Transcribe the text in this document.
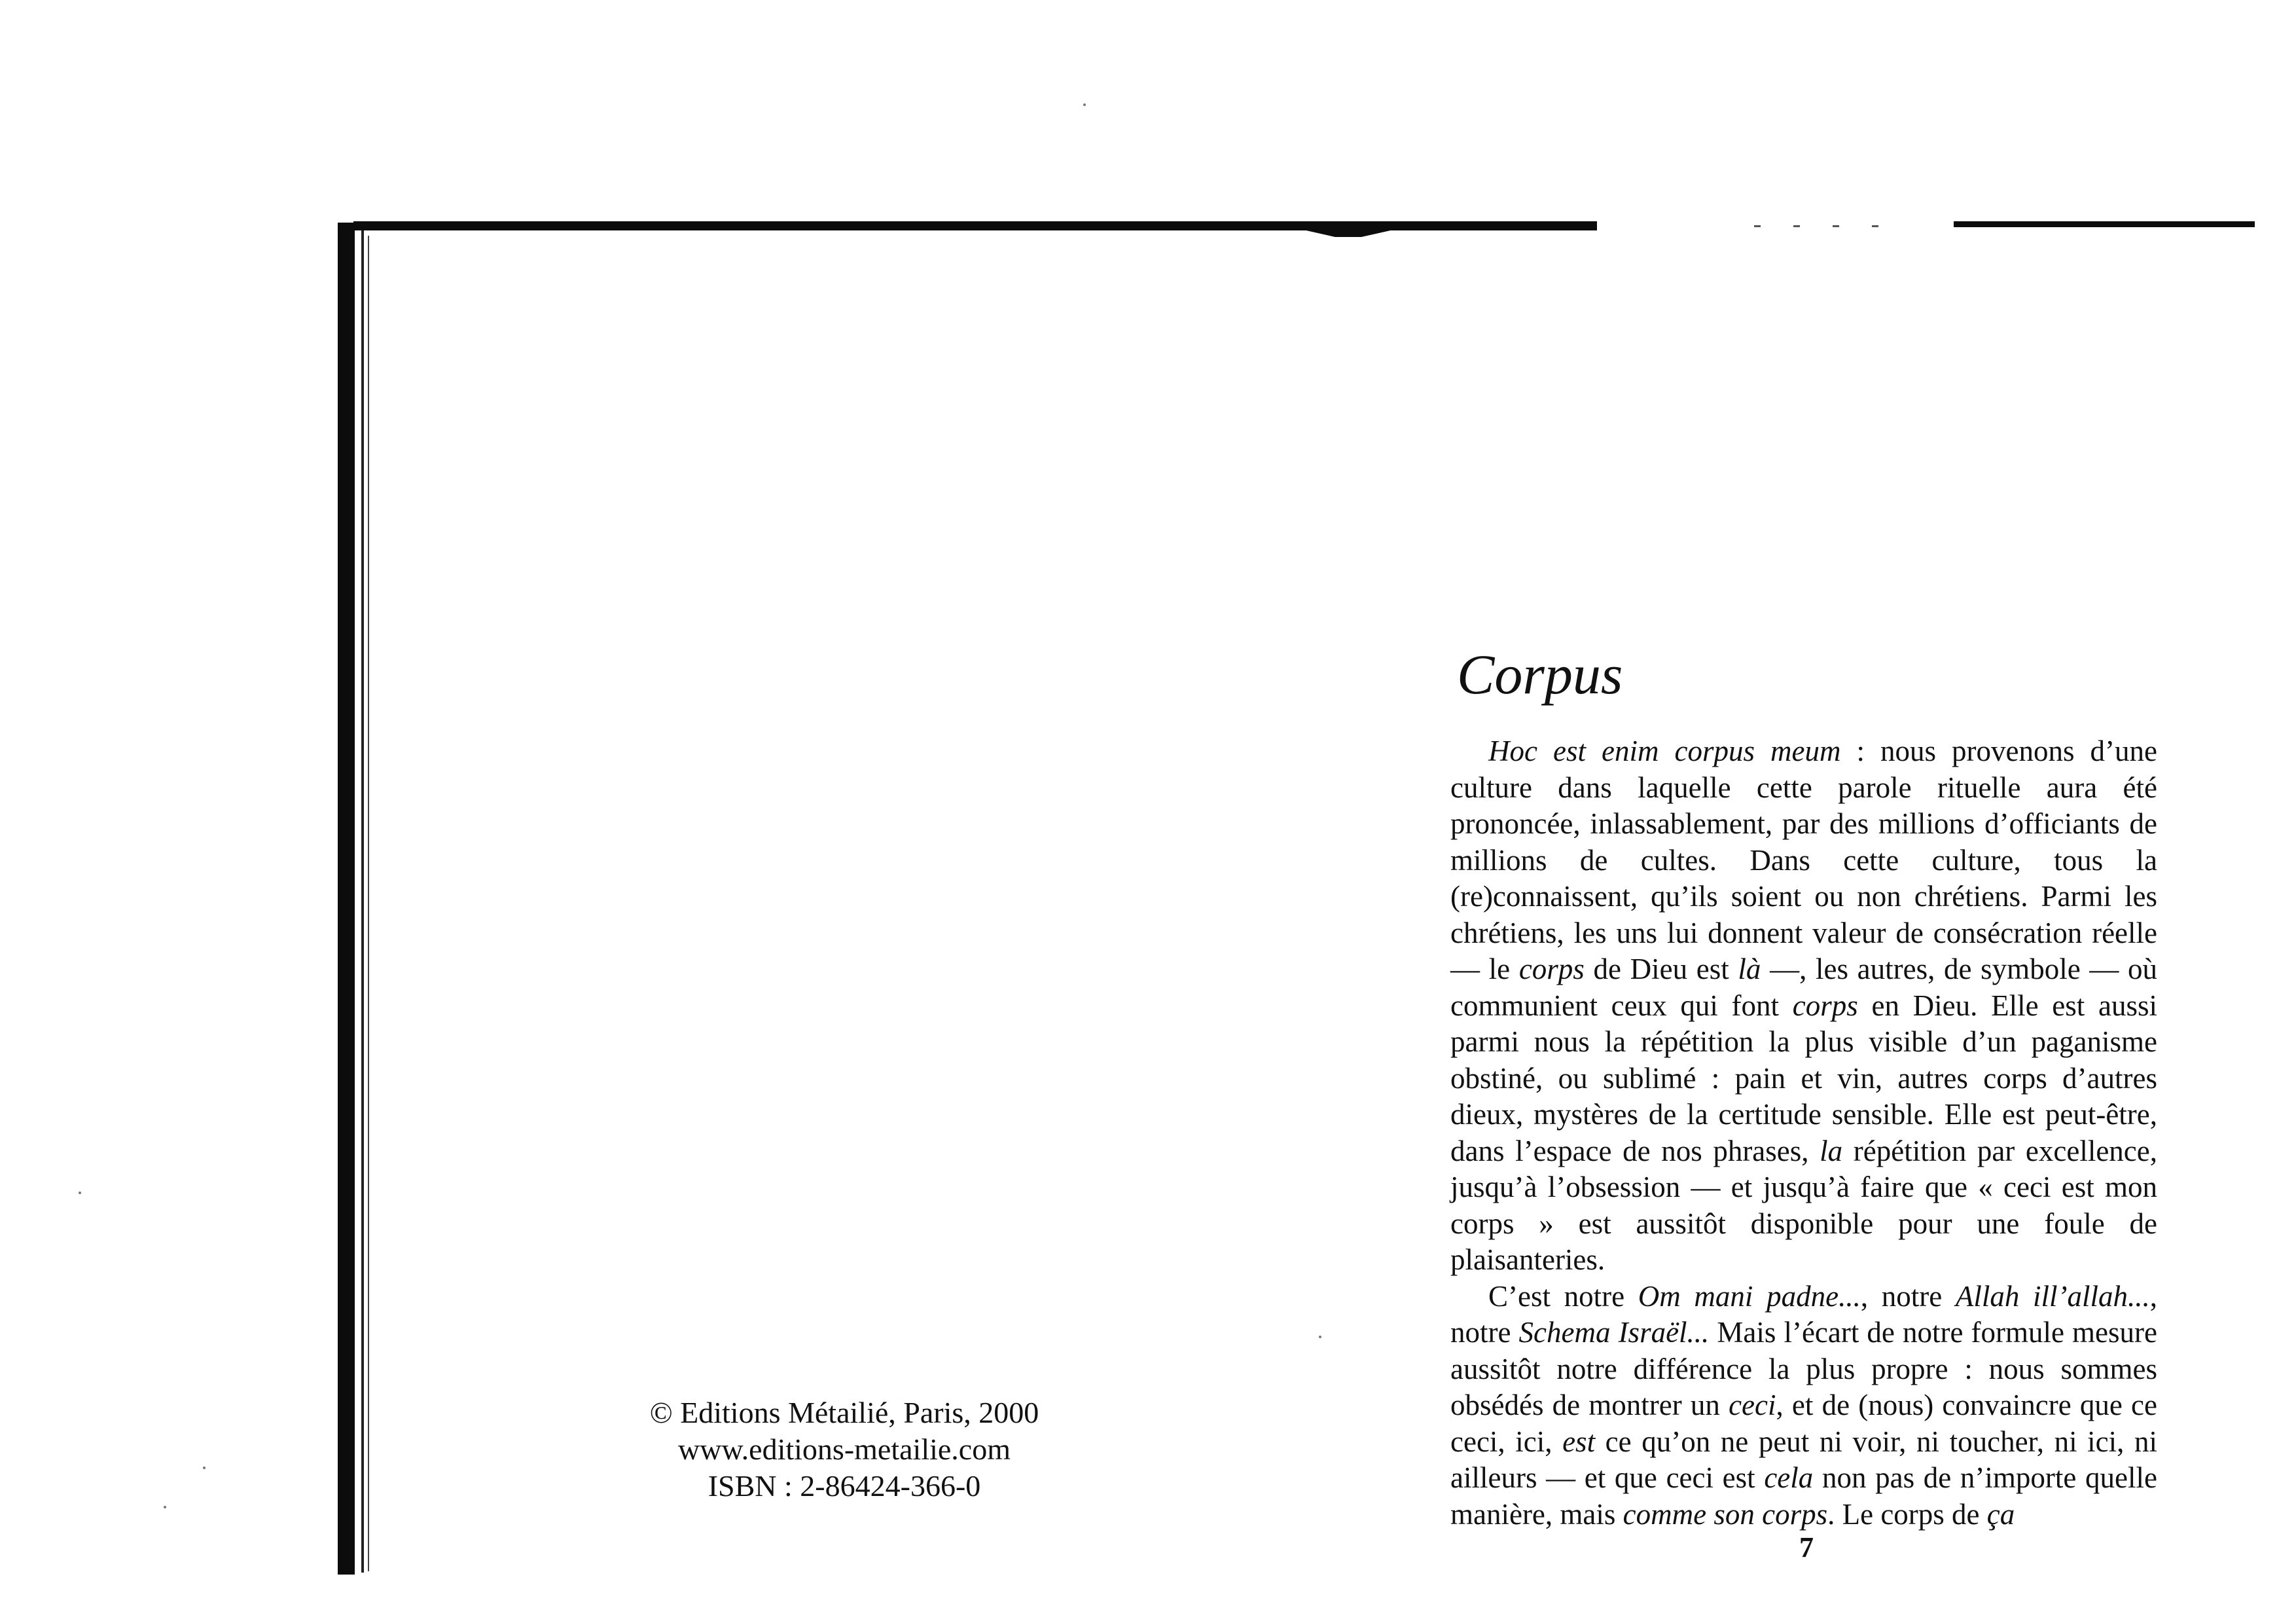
© Editions Métailié, Paris, 2000
www.editions-metailie.com
ISBN : 2-86424-366-0
Corpus

Hoc est enim corpus meum : nous provenons d’une culture dans laquelle cette parole rituelle aura été prononcée, inlassablement, par des millions d’officiants de millions de cultes. Dans cette culture, tous la (re)connaissent, qu’ils soient ou non chrétiens. Parmi les chrétiens, les uns lui donnent valeur de consécration réelle — le corps de Dieu est là —, les autres, de symbole — où communient ceux qui font corps en Dieu. Elle est aussi parmi nous la répétition la plus visible d’un paganisme obstiné, ou sublimé : pain et vin, autres corps d’autres dieux, mystères de la certitude sensible. Elle est peut-être, dans l’espace de nos phrases, la répétition par excellence, jusqu’à l’obsession — et jusqu’à faire que « ceci est mon corps » est aussitôt disponible pour une foule de plaisanteries.

C’est notre Om mani padne..., notre Allah ill’allah..., notre Schema Israël... Mais l’écart de notre formule mesure aussitôt notre différence la plus propre : nous sommes obsédés de montrer un ceci, et de (nous) convaincre que ce ceci, ici, est ce qu’on ne peut ni voir, ni toucher, ni ici, ni ailleurs — et que ceci est cela non pas de n’importe quelle manière, mais comme son corps. Le corps de ça

7
